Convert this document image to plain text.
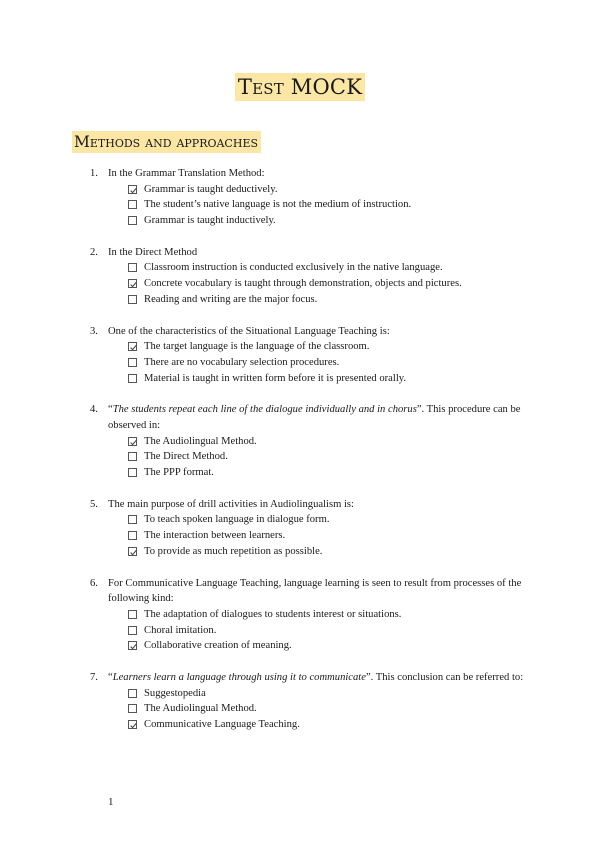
Test MOCK
Methods and approaches
1. In the Grammar Translation Method:
Grammar is taught deductively.
The student’s native language is not the medium of instruction.
Grammar is taught inductively.
2. In the Direct Method
Classroom instruction is conducted exclusively in the native language.
Concrete vocabulary is taught through demonstration, objects and pictures.
Reading and writing are the major focus.
3. One of the characteristics of the Situational Language Teaching is:
The target language is the language of the classroom.
There are no vocabulary selection procedures.
Material is taught in written form before it is presented orally.
4. “The students repeat each line of the dialogue individually and in chorus”. This procedure can be observed in:
The Audiolingual Method.
The Direct Method.
The PPP format.
5. The main purpose of drill activities in Audiolingualism is:
To teach spoken language in dialogue form.
The interaction between learners.
To provide as much repetition as possible.
6. For Communicative Language Teaching, language learning is seen to result from processes of the following kind:
The adaptation of dialogues to students interest or situations.
Choral imitation.
Collaborative creation of meaning.
7. “Learners learn a language through using it to communicate”. This conclusion can be referred to:
Suggestopedia
The Audiolingual Method.
Communicative Language Teaching.
1
